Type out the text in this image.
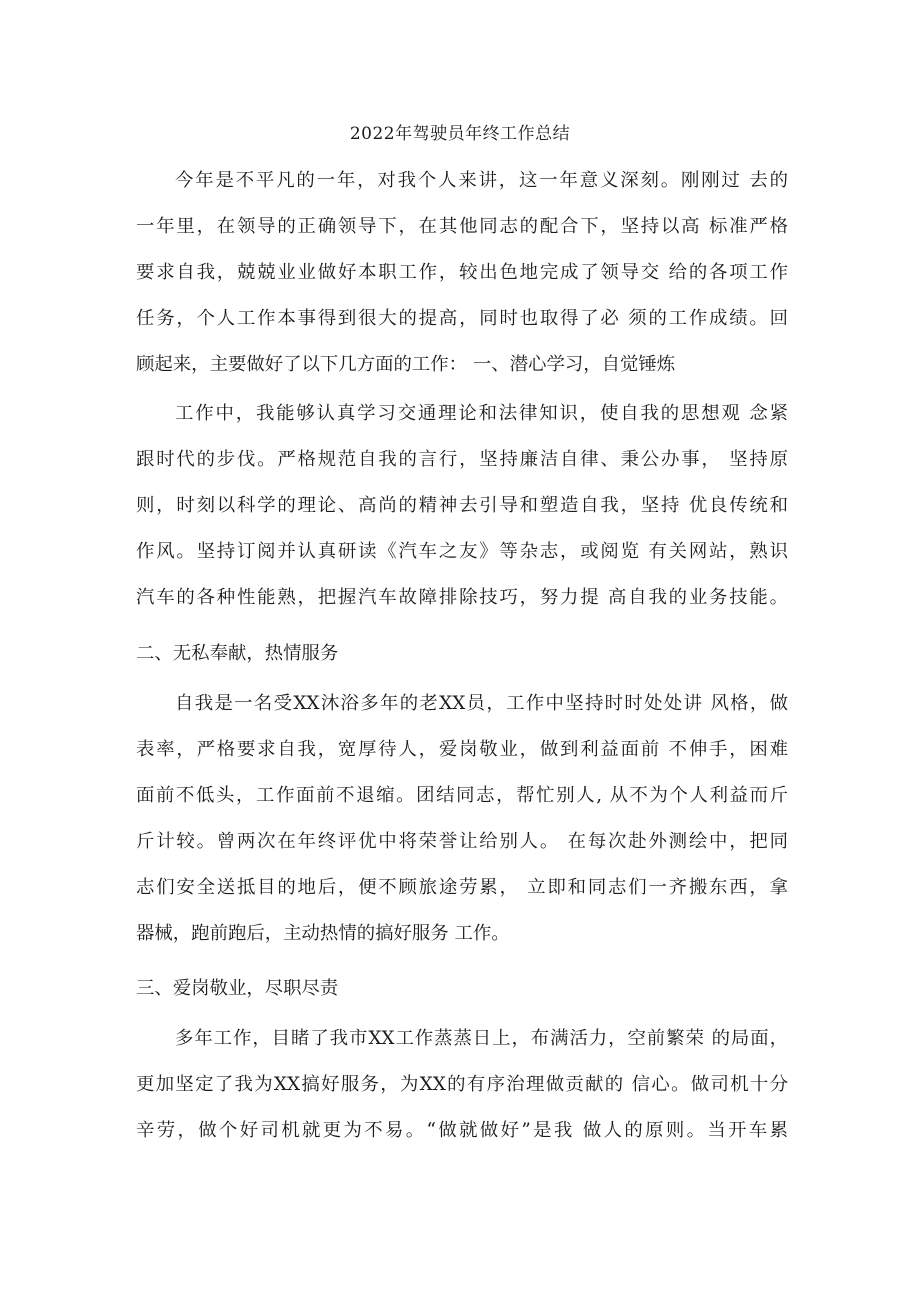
2022年驾驶员年终工作总结
今年是不平凡的一年，对我个人来讲，这一年意义深刻。刚刚过 去的
一年里，在领导的正确领导下，在其他同志的配合下，坚持以高 标准严格
要求自我，兢兢业业做好本职工作，较出色地完成了领导交 给的各项工作
任务，个人工作本事得到很大的提高，同时也取得了必 须的工作成绩。回
顾起来，主要做好了以下几方面的工作： 一、潜心学习，自觉锤炼
工作中，我能够认真学习交通理论和法律知识，使自我的思想观 念紧
跟时代的步伐。严格规范自我的言行，坚持廉洁自律、秉公办事， 坚持原
则，时刻以科学的理论、高尚的精神去引导和塑造自我，坚持 优良传统和
作风。坚持订阅并认真研读《汽车之友》等杂志，或阅览 有关网站，熟识
汽车的各种性能熟，把握汽车故障排除技巧，努力提 高自我的业务技能。
二、无私奉献，热情服务
自我是一名受XX沐浴多年的老XX员，工作中坚持时时处处讲 风格，做
表率，严格要求自我，宽厚待人，爱岗敬业，做到利益面前 不伸手，困难
面前不低头，工作面前不退缩。团结同志，帮忙别人, 从不为个人利益而斤
斤计较。曾两次在年终评优中将荣誉让给别人。 在每次赴外测绘中，把同
志们安全送抵目的地后，便不顾旅途劳累， 立即和同志们一齐搬东西，拿
器械，跑前跑后，主动热情的搞好服务 工作。
三、爱岗敬业，尽职尽责
多年工作，目睹了我市XX工作蒸蒸日上，布满活力，空前繁荣 的局面，
更加坚定了我为XX搞好服务，为XX的有序治理做贡献的 信心。做司机十分
辛劳，做个好司机就更为不易。“做就做好”是我 做人的原则。当开车累
